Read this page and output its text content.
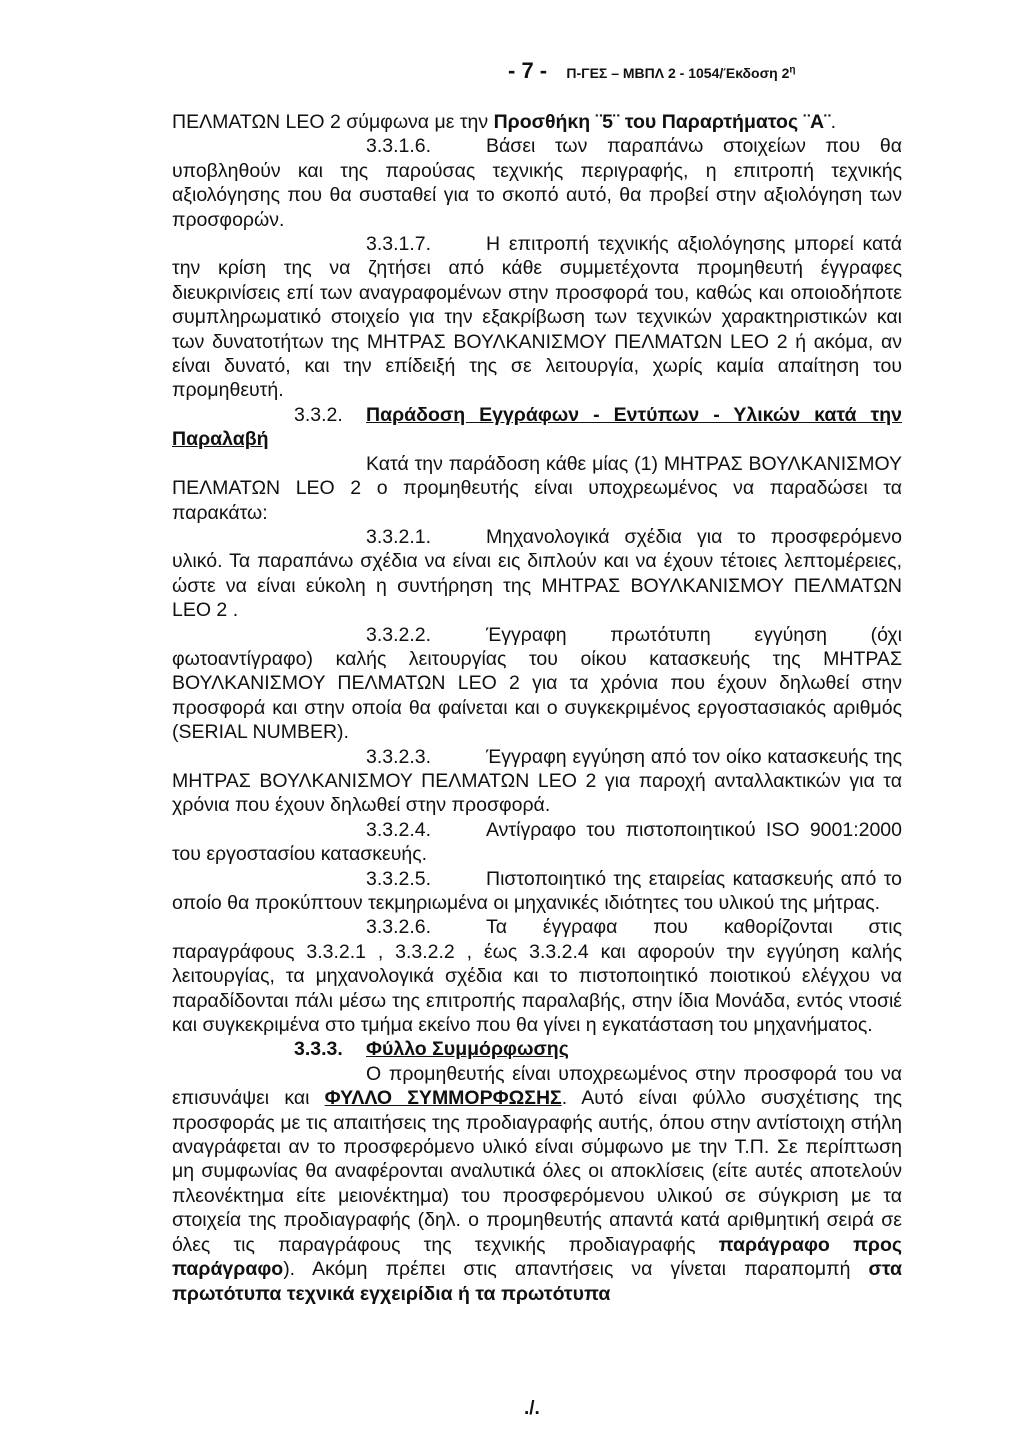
- 7 - Π-ΓΕΣ – ΜΒΠΛ 2 - 1054/Έκδοση $2^\eta$

ΠΕΛΜΑΤΩΝ LEO 2 σύμφωνα με την Προσθήκη ¨5¨ του Παραρτήματος ¨Α¨.

3.3.1.6.	Βάσει των παραπάνω στοιχείων που θα υποβληθούν και της παρούσας τεχνικής περιγραφής, η επιτροπή τεχνικής αξιολόγησης που θα συσταθεί για το σκοπό αυτό, θα προβεί στην αξιολόγηση των προσφορών.

3.3.1.7.	Η επιτροπή τεχνικής αξιολόγησης μπορεί κατά την κρίση της να ζητήσει από κάθε συμμετέχοντα προμηθευτή έγγραφες διευκρινίσεις επί των αναγραφομένων στην προσφορά του, καθώς και οποιοδήποτε συμπληρωματικό στοιχείο για την εξακρίβωση των τεχνικών χαρακτηριστικών και των δυνατοτήτων της ΜΗΤΡΑΣ ΒΟΥΛΚΑΝΙΣΜΟΥ ΠΕΛΜΑΤΩΝ LEO 2 ή ακόμα, αν είναι δυνατό, και την επίδειξή της σε λειτουργία, χωρίς καμία απαίτηση του προμηθευτή.

3.3.2. Παράδοση Εγγράφων - Εντύπων - Υλικών κατά την Παραλαβή

Κατά την παράδοση κάθε μίας (1) ΜΗΤΡΑΣ ΒΟΥΛΚΑΝΙΣΜΟΥ ΠΕΛΜΑΤΩΝ LEO 2 ο προμηθευτής είναι υποχρεωμένος να παραδώσει τα παρακάτω:

3.3.2.1.	Μηχανολογικά σχέδια για το προσφερόμενο υλικό. Τα παραπάνω σχέδια να είναι εις διπλούν και να έχουν τέτοιες λεπτομέρειες, ώστε να είναι εύκολη η συντήρηση της ΜΗΤΡΑΣ ΒΟΥΛΚΑΝΙΣΜΟΥ ΠΕΛΜΑΤΩΝ LEO 2 .

3.3.2.2.	Έγγραφη πρωτότυπη εγγύηση (όχι φωτοαντίγραφο) καλής λειτουργίας του οίκου κατασκευής της ΜΗΤΡΑΣ ΒΟΥΛΚΑΝΙΣΜΟΥ ΠΕΛΜΑΤΩΝ LEO 2 για τα χρόνια που έχουν δηλωθεί στην προσφορά και στην οποία θα φαίνεται και ο συγκεκριμένος εργοστασιακός αριθμός (SERIAL NUMBER).

3.3.2.3.	Έγγραφη εγγύηση από τον οίκο κατασκευής της ΜΗΤΡΑΣ ΒΟΥΛΚΑΝΙΣΜΟΥ ΠΕΛΜΑΤΩΝ LEO 2 για παροχή ανταλλακτικών για τα χρόνια που έχουν δηλωθεί στην προσφορά.

3.3.2.4.	Αντίγραφο του πιστοποιητικού ISO 9001:2000 του εργοστασίου κατασκευής.

3.3.2.5.	Πιστοποιητικό της εταιρείας κατασκευής από το οποίο θα προκύπτουν τεκμηριωμένα οι μηχανικές ιδιότητες του υλικού της μήτρας.

3.3.2.6.	Τα έγγραφα που καθορίζονται στις παραγράφους 3.3.2.1 , 3.3.2.2 , έως 3.3.2.4 και αφορούν την εγγύηση καλής λειτουργίας, τα μηχανολογικά σχέδια και το πιστοποιητικό ποιοτικού ελέγχου να παραδίδονται πάλι μέσω της επιτροπής παραλαβής, στην ίδια Μονάδα, εντός ντοσιέ και συγκεκριμένα στο τμήμα εκείνο που θα γίνει η εγκατάσταση του μηχανήματος.

3.3.3. Φύλλο Συμμόρφωσης

Ο προμηθευτής είναι υποχρεωμένος στην προσφορά του να επισυνάψει και ΦΥΛΛΟ ΣΥΜΜΟΡΦΩΣΗΣ. Αυτό είναι φύλλο συσχέτισης της προσφοράς με τις απαιτήσεις της προδιαγραφής αυτής, όπου στην αντίστοιχη στήλη αναγράφεται αν το προσφερόμενο υλικό είναι σύμφωνο με την Τ.Π. Σε περίπτωση μη συμφωνίας θα αναφέρονται αναλυτικά όλες οι αποκλίσεις (είτε αυτές αποτελούν πλεονέκτημα είτε μειονέκτημα) του προσφερόμενου υλικού σε σύγκριση με τα στοιχεία της προδιαγραφής (δηλ. ο προμηθευτής απαντά κατά αριθμητική σειρά σε όλες τις παραγράφους της τεχνικής προδιαγραφής παράγραφο προς παράγραφο). Ακόμη πρέπει στις απαντήσεις να γίνεται παραπομπή στα πρωτότυπα τεχνικά εγχειρίδια ή τα πρωτότυπα

./.
